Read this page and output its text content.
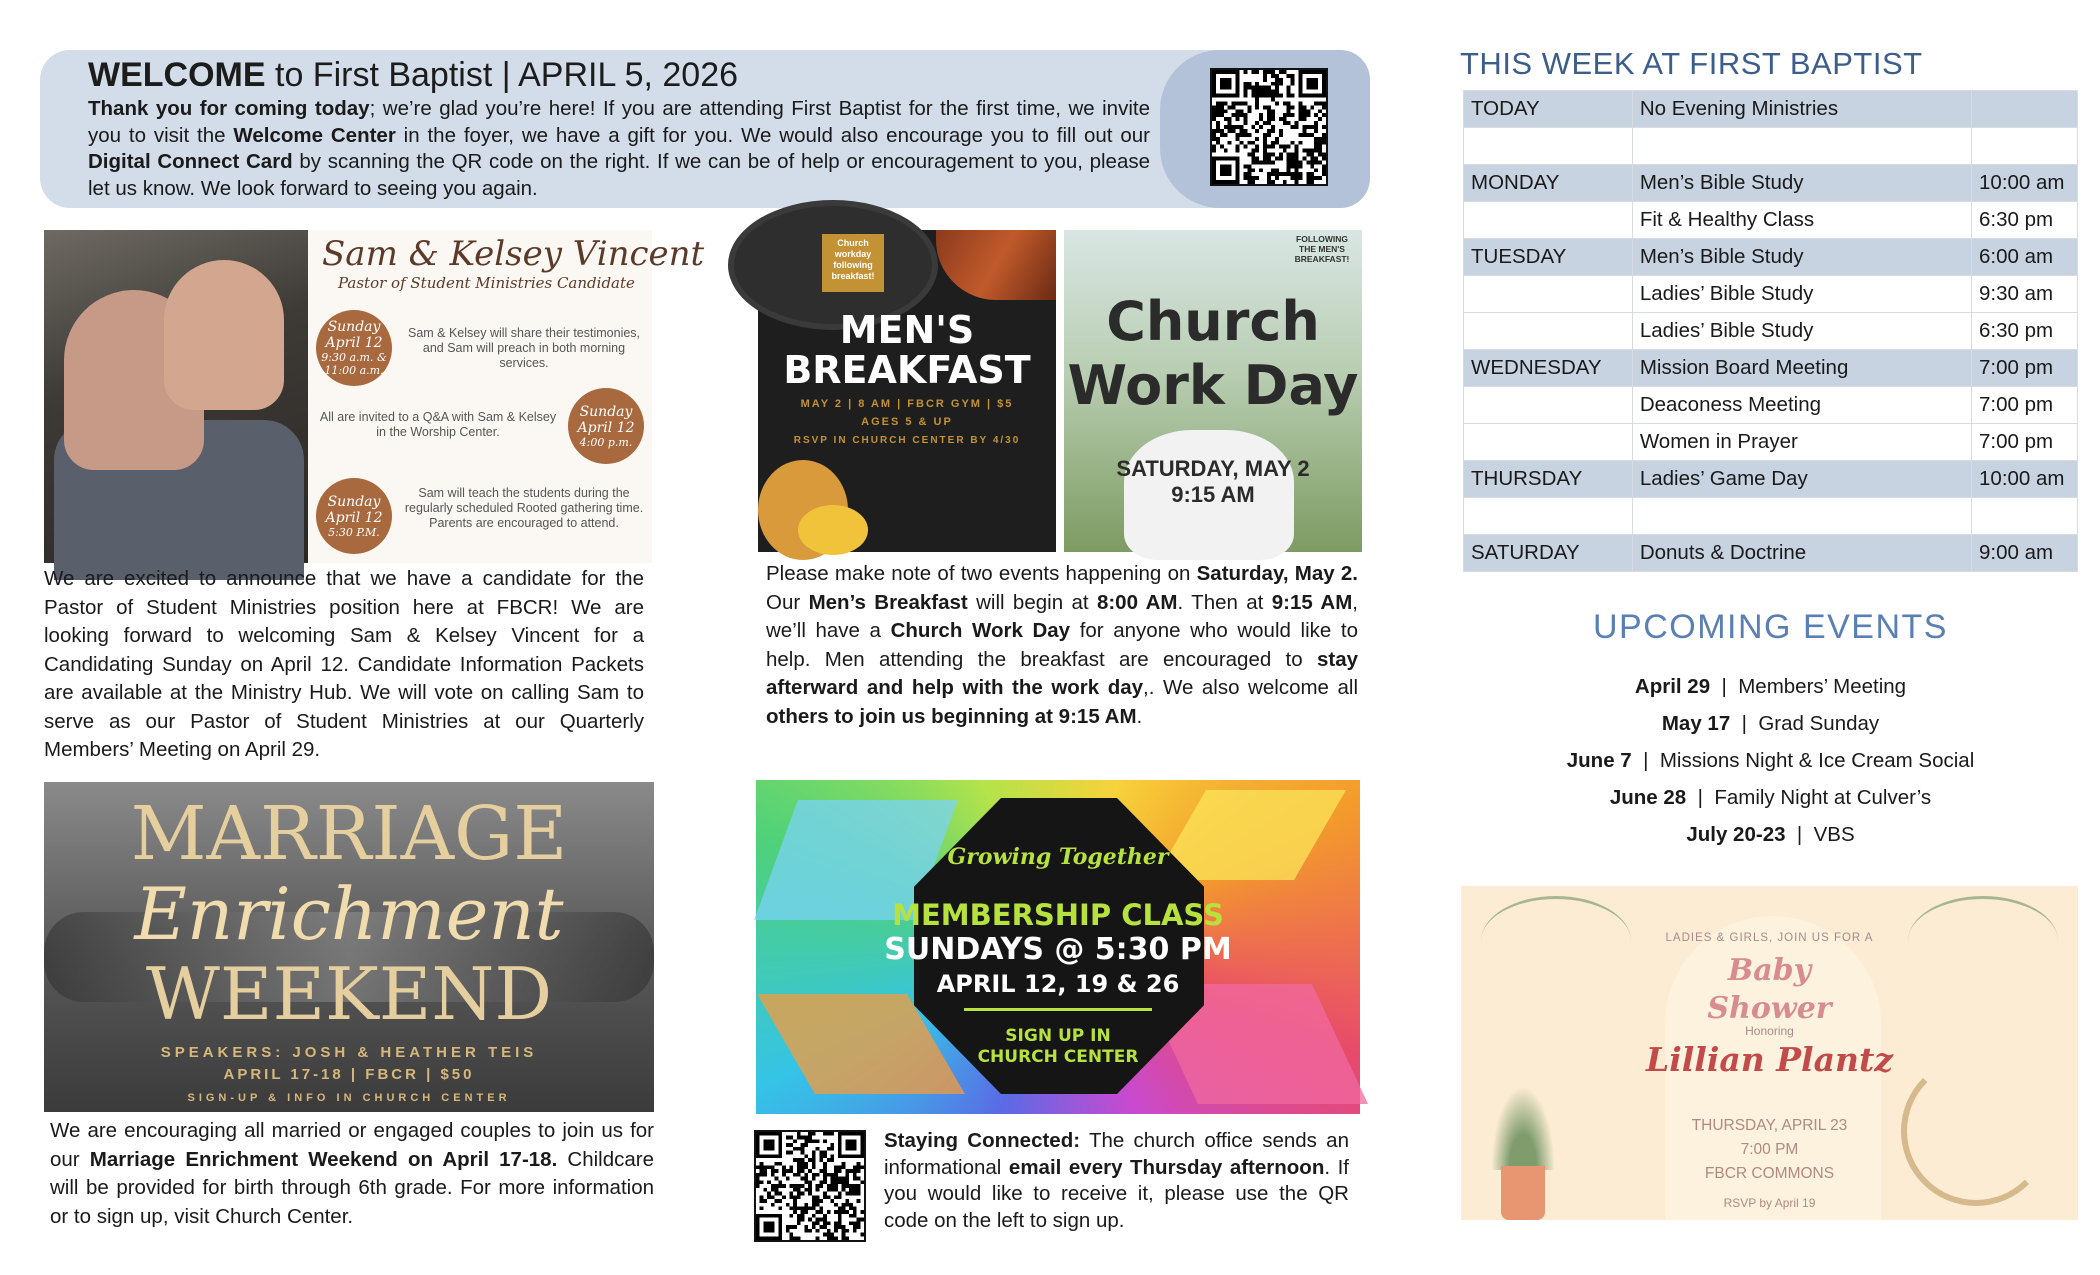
WELCOME to First Baptist | APRIL 5, 2026
Thank you for coming today; we’re glad you’re here! If you are attending First Baptist for the first time, we invite you to visit the Welcome Center in the foyer, we have a gift for you. We would also encourage you to fill out our Digital Connect Card by scanning the QR code on the right. If we can be of help or encouragement to you, please let us know. We look forward to seeing you again.
Sam & Kelsey Vincent
Pastor of Student Ministries Candidate
Sunday
April 12
9:30 a.m. & 11:00 a.m.
Sam & Kelsey will share their testimonies, and Sam will preach in both morning services.
Sunday
April 12
4:00 p.m.
All are invited to a Q&A with Sam & Kelsey in the Worship Center.
Sunday
April 12
5:30 P.M.
Sam will teach the students during the regularly scheduled Rooted gathering time. Parents are encouraged to attend.
We are excited to announce that we have a candidate for the Pastor of Student Ministries position here at FBCR! We are looking forward to welcoming Sam & Kelsey Vincent for a Candidating Sunday on April 12. Candidate Information Packets are available at the Ministry Hub. We will vote on calling Sam to serve as our Pastor of Student Ministries at our Quarterly Members’ Meeting on April 29.
Church workday following breakfast!
MEN'S
BREAKFAST
MAY 2 | 8 AM | FBCR GYM | $5
AGES 5 & UP
RSVP IN CHURCH CENTER BY 4/30
FOLLOWING THE MEN'S BREAKFAST!
Church
Work Day
SATURDAY, MAY 2
9:15 AM
Please make note of two events happening on Saturday, May 2. Our Men’s Breakfast will begin at 8:00 AM. Then at 9:15 AM, we’ll have a Church Work Day for anyone who would like to help. Men attending the breakfast are encouraged to stay afterward and help with the work day,. We also welcome all others to join us beginning at 9:15 AM.
MARRIAGE
Enrichment
WEEKEND
SPEAKERS: JOSH & HEATHER TEIS
APRIL 17-18 | FBCR | $50
SIGN-UP & INFO IN CHURCH CENTER
We are encouraging all married or engaged couples to join us for our Marriage Enrichment Weekend on April 17-18. Childcare will be provided for birth through 6th grade. For more information or to sign up, visit Church Center.
Growing Together
MEMBERSHIP CLASS
SUNDAYS @ 5:30 PM
APRIL 12, 19 & 26
SIGN UP IN
CHURCH CENTER
Staying Connected: The church office sends an informational email every Thursday afternoon. If you would like to receive it, please use the QR code on the left to sign up.
THIS WEEK AT FIRST BAPTIST
TODAY	No Evening Ministries	

MONDAY	Men’s Bible Study	10:00 am
	Fit & Healthy Class	6:30 pm
TUESDAY	Men’s Bible Study	6:00 am
	Ladies’ Bible Study	9:30 am
	Ladies’ Bible Study	6:30 pm
WEDNESDAY	Mission Board Meeting	7:00 pm
	Deaconess Meeting	7:00 pm
	Women in Prayer	7:00 pm
THURSDAY	Ladies’ Game Day	10:00 am

SATURDAY	Donuts & Doctrine	9:00 am
UPCOMING EVENTS
April 29  |  Members’ Meeting
May 17  |  Grad Sunday
June 7  |  Missions Night & Ice Cream Social
June 28  |  Family Night at Culver’s
July 20-23  |  VBS
LADIES & GIRLS, JOIN US FOR A
Baby
Shower
Honoring
Lillian Plantz
THURSDAY, APRIL 23
7:00 PM
FBCR COMMONS
RSVP by April 19
